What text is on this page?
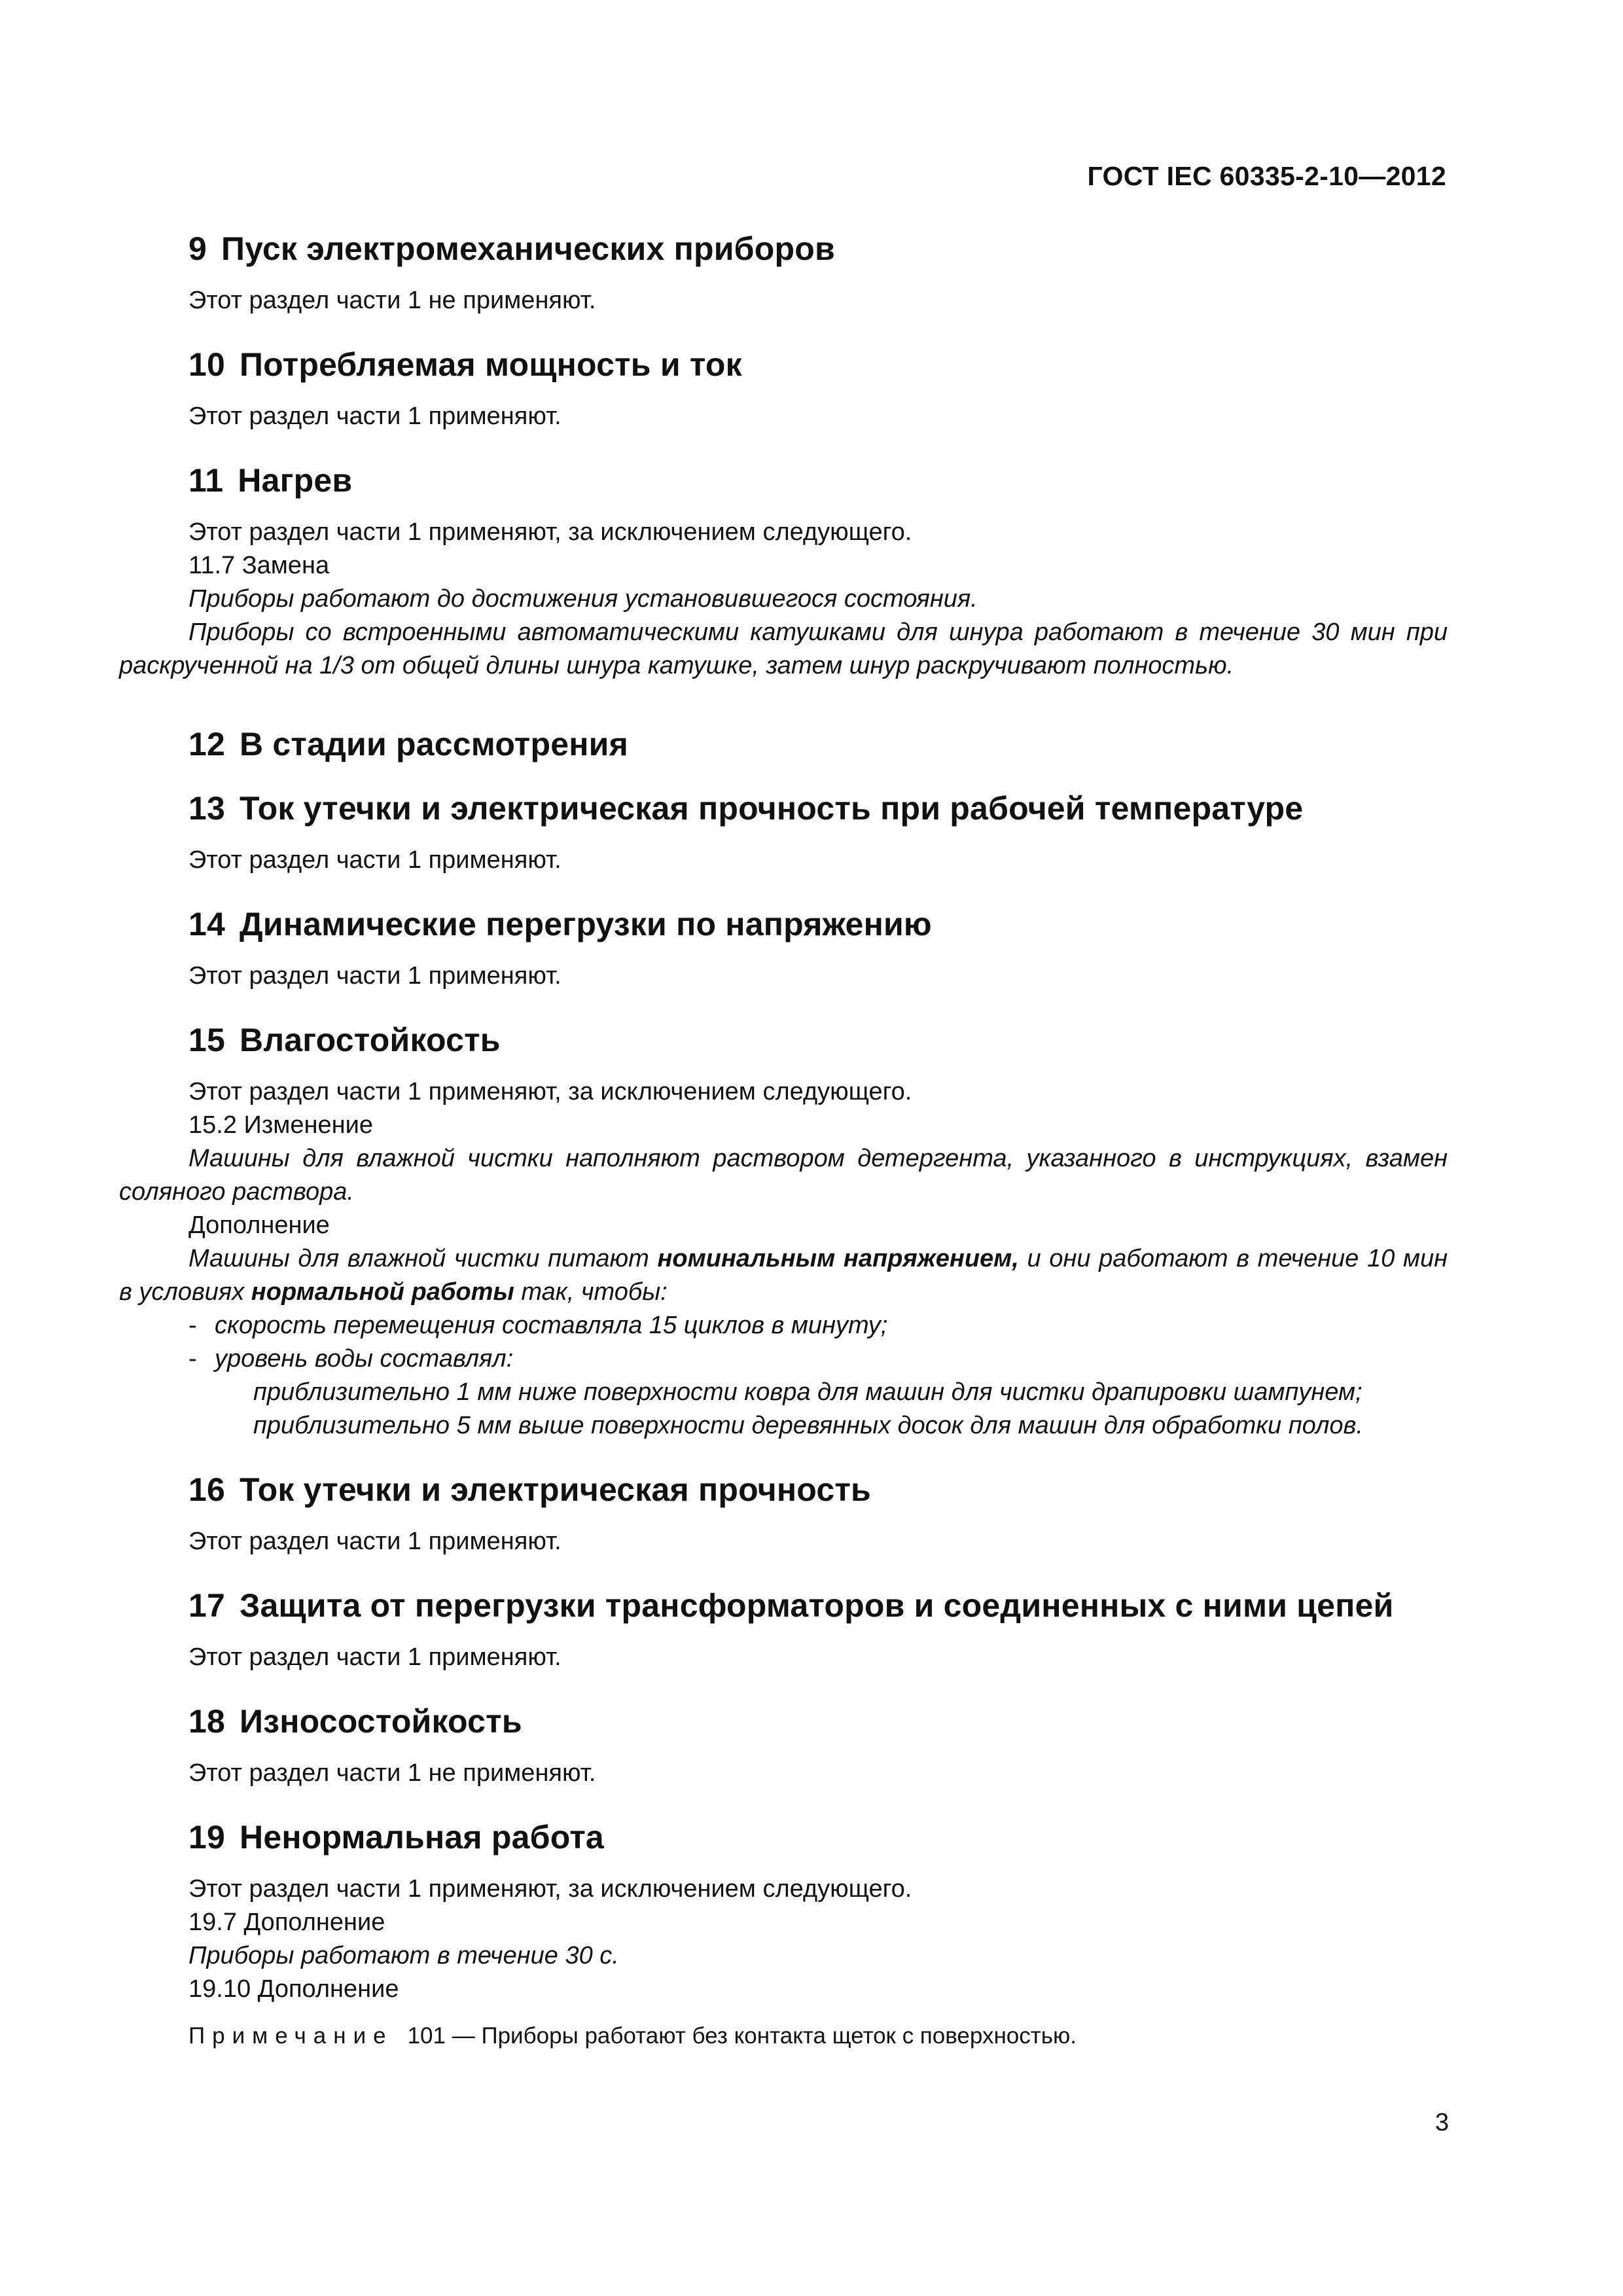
ГОСТ IEC 60335-2-10—2012
9 Пуск электромеханических приборов

Этот раздел части 1 не применяют.

10 Потребляемая мощность и ток

Этот раздел части 1 применяют.

11 Нагрев

Этот раздел части 1 применяют, за исключением следующего.

11.7 Замена

Приборы работают до достижения установившегося состояния.

Приборы со встроенными автоматическими катушками для шнура работают в течение 30 мин при раскрученной на 1/3 от общей длины шнура катушке, затем шнур раскручивают полностью.

12 В стадии рассмотрения
13 Ток утечки и электрическая прочность при рабочей температуре

Этот раздел части 1 применяют.

14 Динамические перегрузки по напряжению

Этот раздел части 1 применяют.

15 Влагостойкость

Этот раздел части 1 применяют, за исключением следующего.

15.2 Изменение

Машины для влажной чистки наполняют раствором детергента, указанного в инструкциях, взамен соляного раствора.

Дополнение

Машины для влажной чистки питают номинальным напряжением, и они работают в течение 10 мин в условиях нормальной работы так, чтобы:

- скорость перемещения составляла 15 циклов в минуту;

- уровень воды составлял:

приблизительно 1 мм ниже поверхности ковра для машин для чистки драпировки шампунем;

приблизительно 5 мм выше поверхности деревянных досок для машин для обработки полов.

16 Ток утечки и электрическая прочность

Этот раздел части 1 применяют.

17 Защита от перегрузки трансформаторов и соединенных с ними цепей

Этот раздел части 1 применяют.

18 Износостойкость

Этот раздел части 1 не применяют.

19 Ненормальная работа

Этот раздел части 1 применяют, за исключением следующего.

19.7 Дополнение

Приборы работают в течение 30 с.

19.10 Дополнение

Примечание 101 — Приборы работают без контакта щеток с поверхностью.

3
